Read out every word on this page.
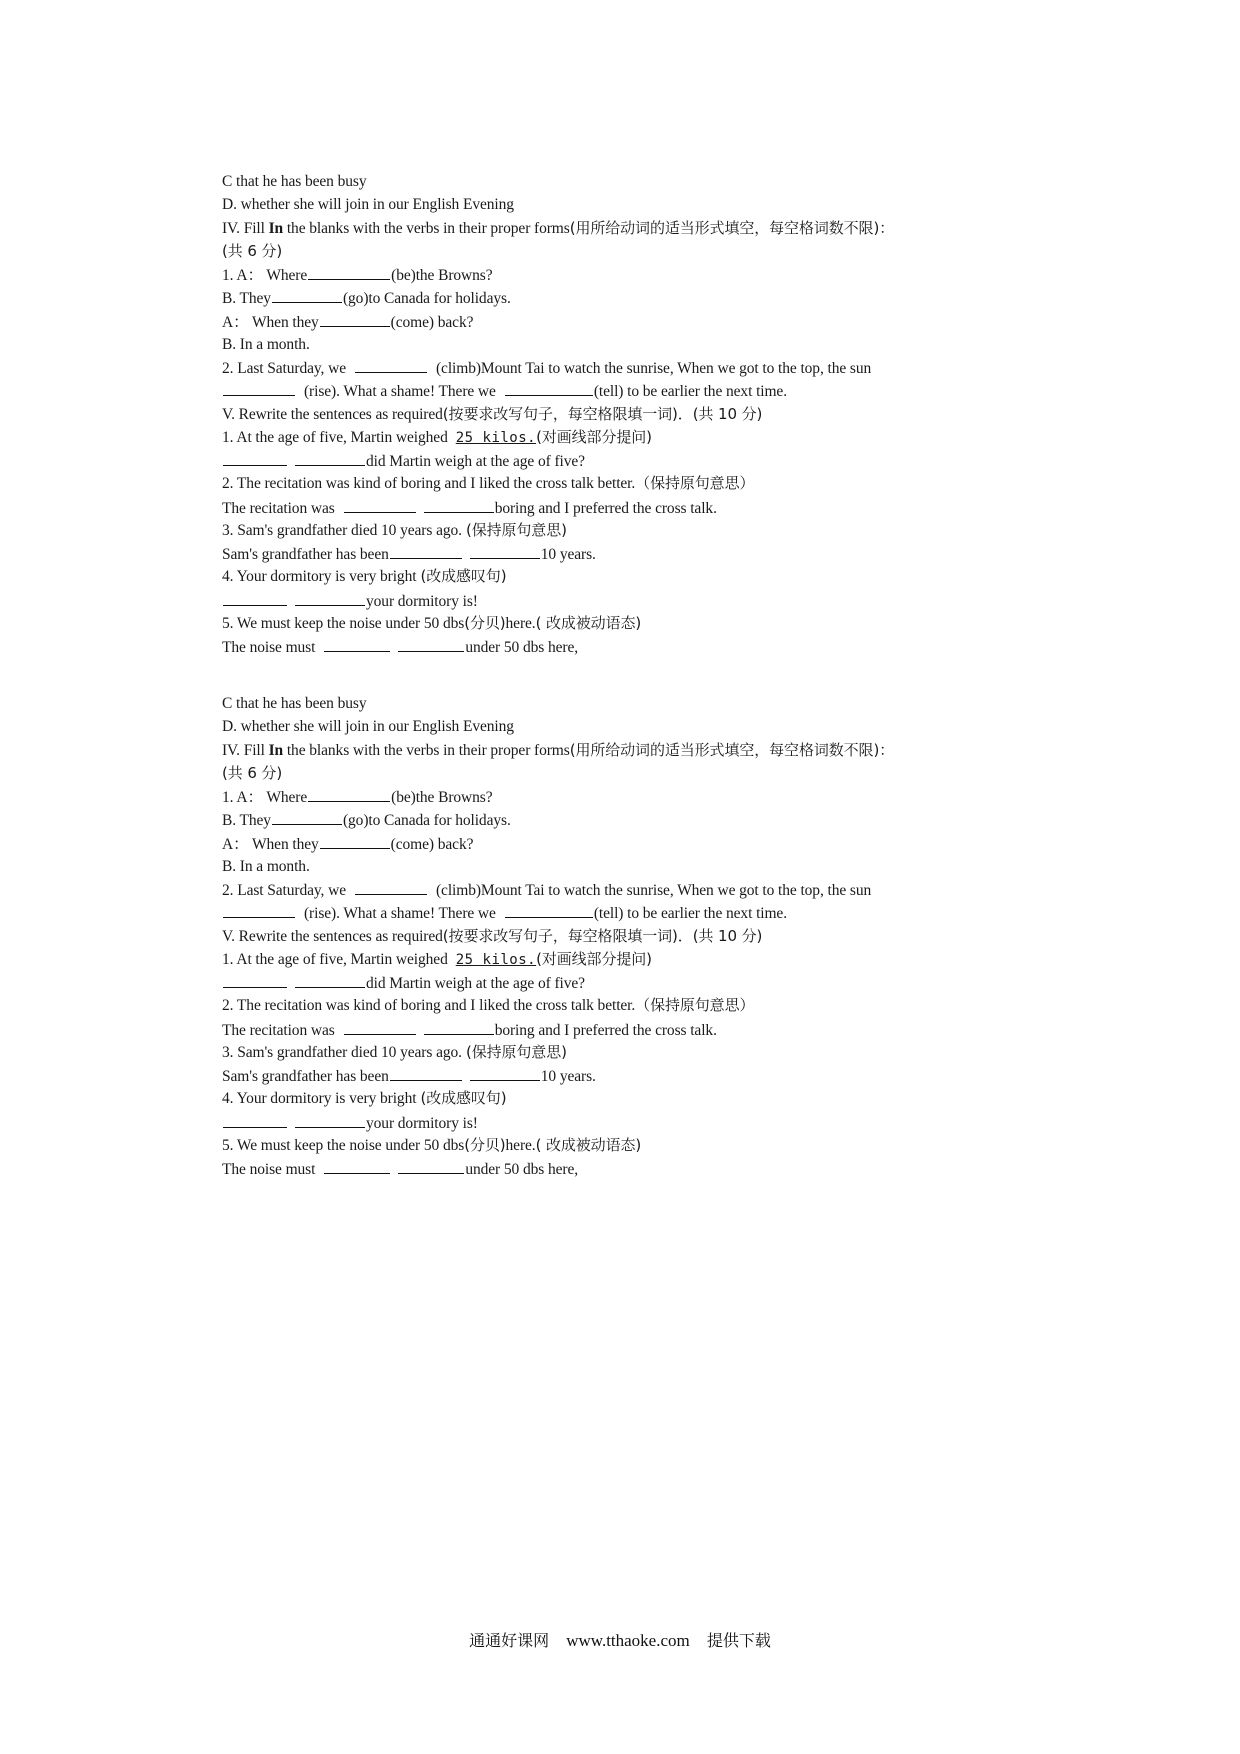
C that he has been busy
D. whether she will join in our English Evening
IV. Fill In the blanks with the verbs in their proper forms(用所给动词的适当形式填空，每空格词数不限)：
(共 6 分)
1. A： Where	(be)the Browns?
B. They	(go)to Canada for holidays.
A： When they	(come) back?
B. In a month.
2. Last Saturday, we	(climb)Mount Tai to watch the sunrise, When we got to the top, the sun
(rise). What a shame! There we	(tell) to be earlier the next time.
V. Rewrite the sentences as required(按要求改写句子，每空格限填一词)．(共 10 分)
1. At the age of five, Martin weighed 25 kilos.(对画线部分提问)
did Martin weigh at the age of five?
2. The recitation was kind of boring and I liked the cross talk better.（保持原句意思）
The recitation was	boring and I preferred the cross talk.
3. Sam's grandfather died 10 years ago. (保持原句意思)
Sam's grandfather has been	10 years.
4. Your dormitory is very bright (改成感叹句)
your dormitory is!
5. We must keep the noise under 50 dbs(分贝)here.( 改成被动语态)
The noise must	under 50 dbs here,
C that he has been busy
D. whether she will join in our English Evening
IV. Fill In the blanks with the verbs in their proper forms(用所给动词的适当形式填空，每空格词数不限)：
(共 6 分)
1. A： Where	(be)the Browns?
B. They	(go)to Canada for holidays.
A： When they	(come) back?
B. In a month.
2. Last Saturday, we	(climb)Mount Tai to watch the sunrise, When we got to the top, the sun
(rise). What a shame! There we	(tell) to be earlier the next time.
V. Rewrite the sentences as required(按要求改写句子，每空格限填一词)．(共 10 分)
1. At the age of five, Martin weighed 25 kilos.(对画线部分提问)
did Martin weigh at the age of five?
2. The recitation was kind of boring and I liked the cross talk better.（保持原句意思）
The recitation was	boring and I preferred the cross talk.
3. Sam's grandfather died 10 years ago. (保持原句意思)
Sam's grandfather has been	10 years.
4. Your dormitory is very bright (改成感叹句)
your dormitory is!
5. We must keep the noise under 50 dbs(分贝)here.( 改成被动语态)
The noise must	under 50 dbs here,
通通好课网 www.tthaoke.com 提供下载
